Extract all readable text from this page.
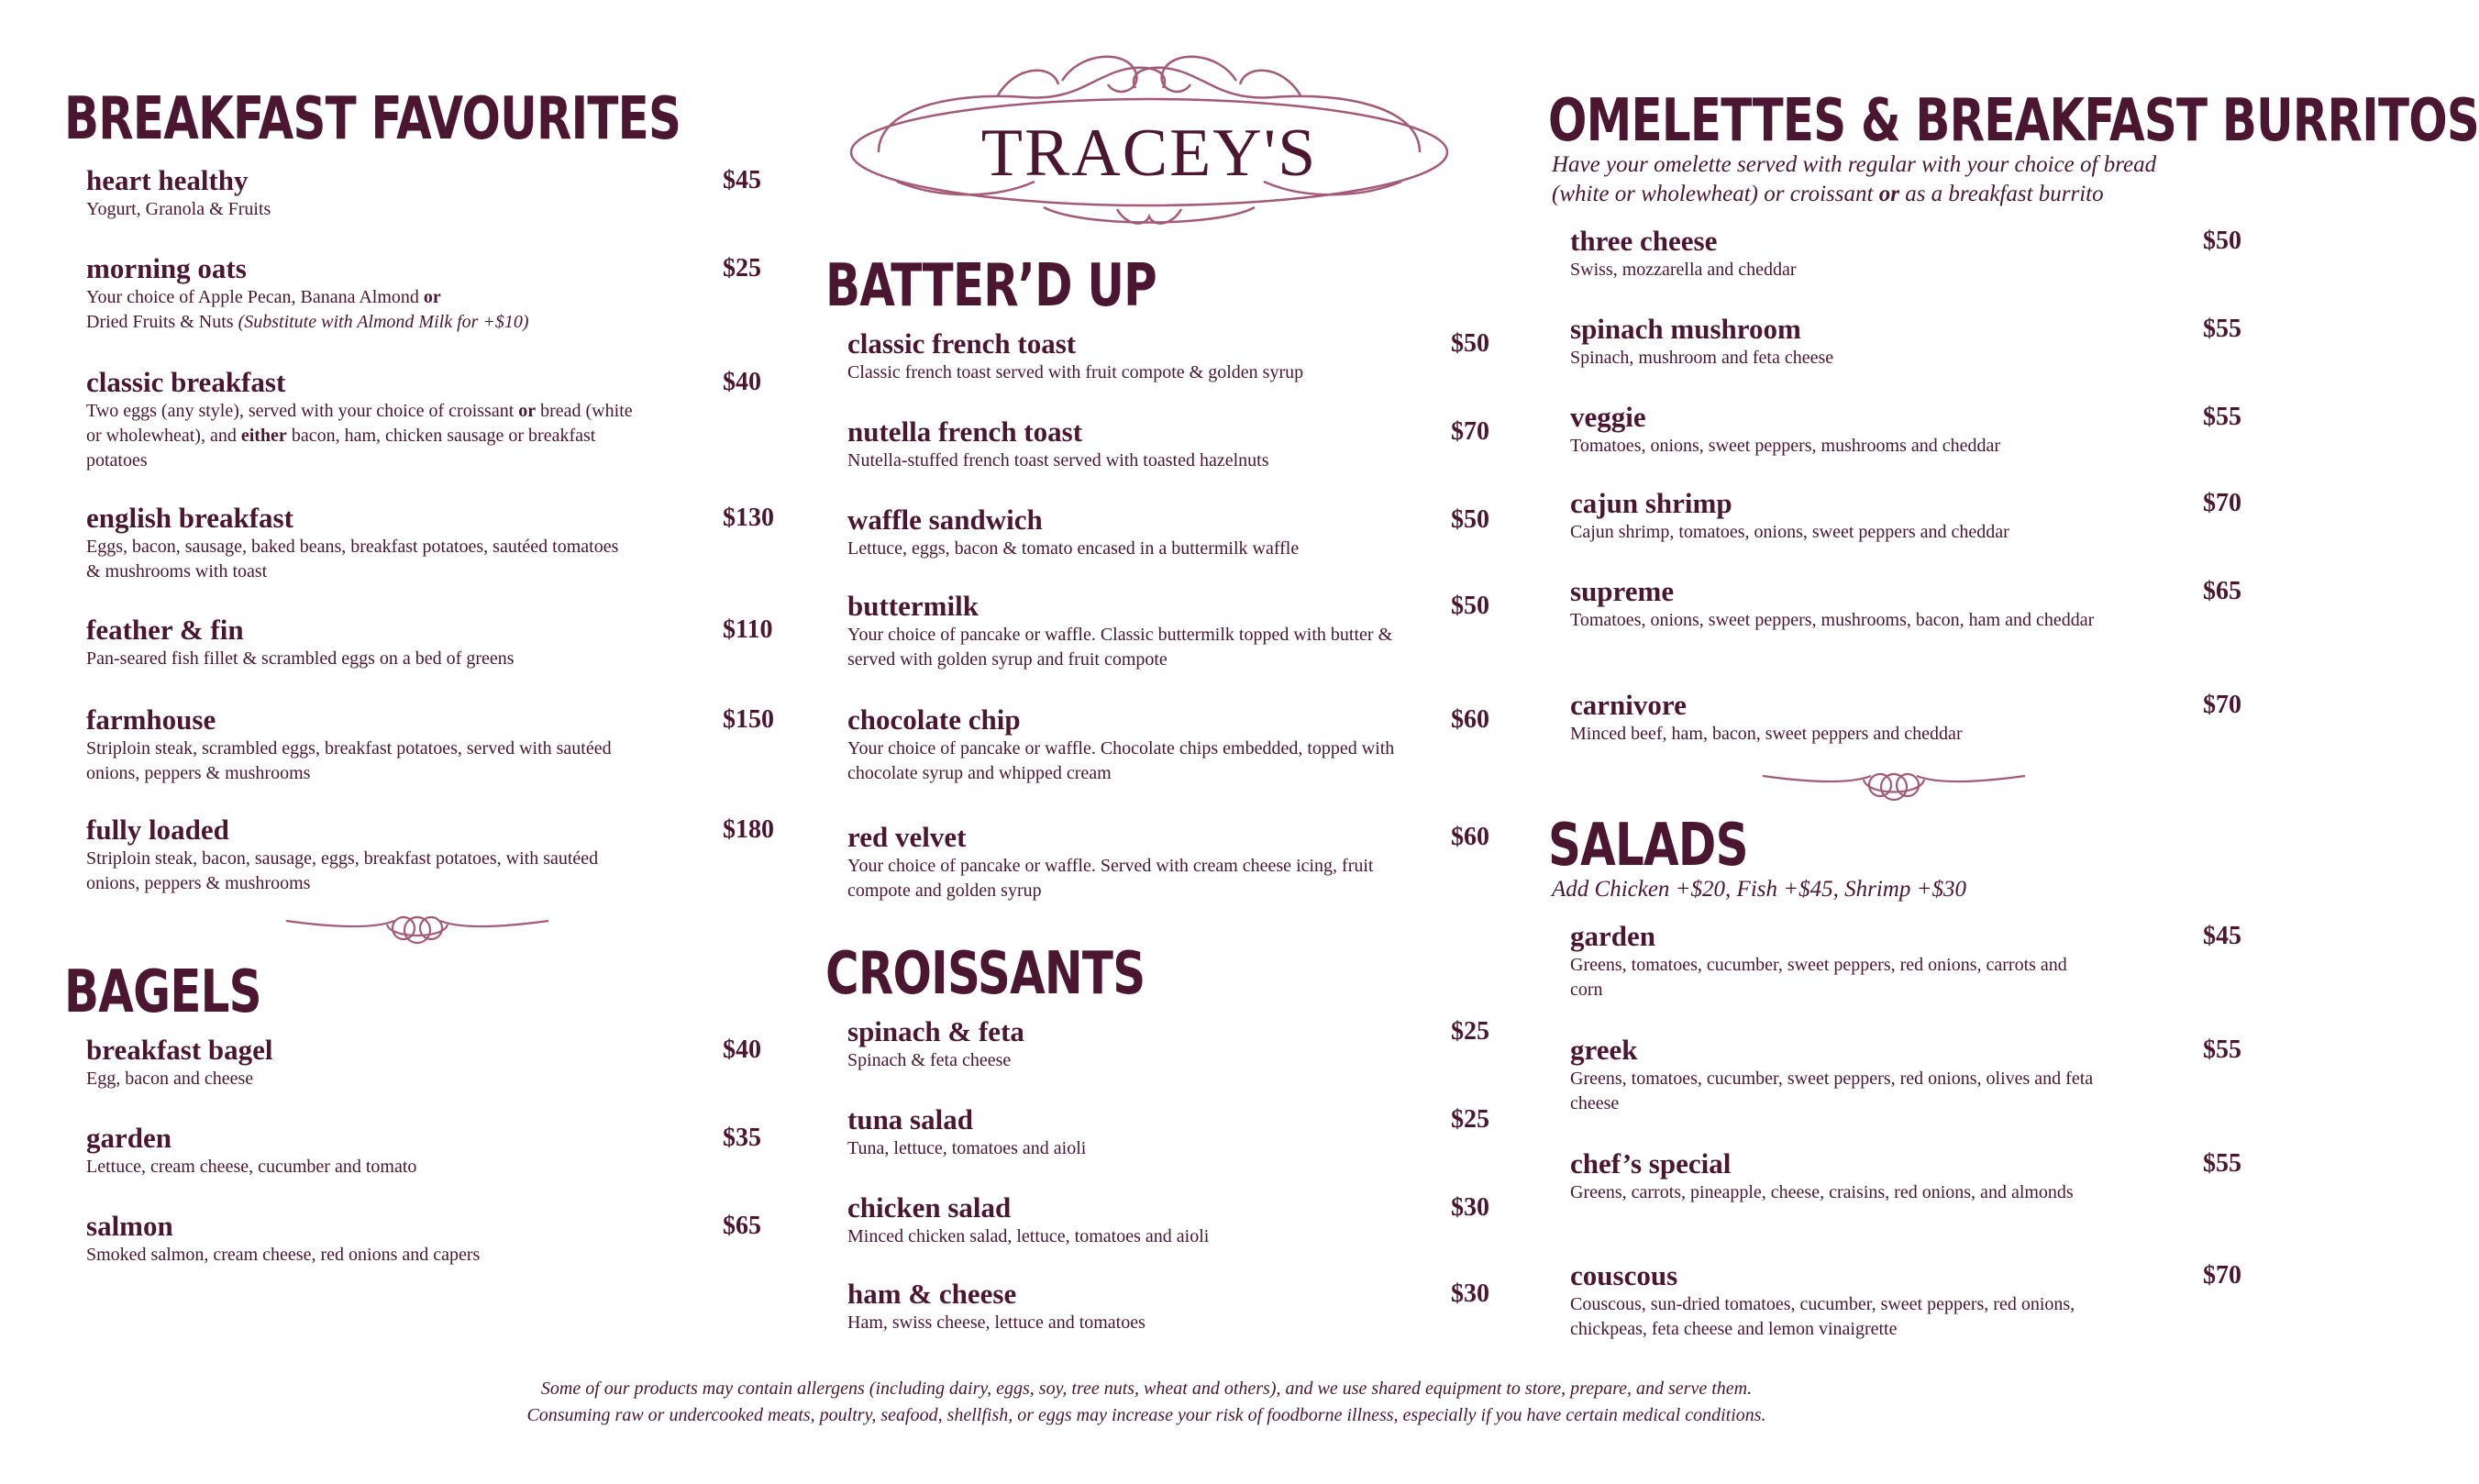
TRACEY'S
BREAKFAST FAVOURITES
heart healthy	$45
Yogurt, Granola & Fruits
morning oats	$25
Your choice of Apple Pecan, Banana Almond or
Dried Fruits & Nuts (Substitute with Almond Milk for +$10)
classic breakfast	$40
Two eggs (any style), served with your choice of croissant or bread (white or wholewheat), and either bacon, ham, chicken sausage or breakfast potatoes
english breakfast	$130
Eggs, bacon, sausage, baked beans, breakfast potatoes, sautéed tomatoes & mushrooms with toast
feather & fin	$110
Pan-seared fish fillet & scrambled eggs on a bed of greens
farmhouse	$150
Striploin steak, scrambled eggs, breakfast potatoes, served with sautéed onions, peppers & mushrooms
fully loaded	$180
Striploin steak, bacon, sausage, eggs, breakfast potatoes, with sautéed onions, peppers & mushrooms
BAGELS
breakfast bagel	$40
Egg, bacon and cheese
garden	$35
Lettuce, cream cheese, cucumber and tomato
salmon	$65
Smoked salmon, cream cheese, red onions and capers
BATTER’D UP
classic french toast	$50
Classic french toast served with fruit compote & golden syrup
nutella french toast	$70
Nutella-stuffed french toast served with toasted hazelnuts
waffle sandwich	$50
Lettuce, eggs, bacon & tomato encased in a buttermilk waffle
buttermilk	$50
Your choice of pancake or waffle. Classic buttermilk topped with butter & served with golden syrup and fruit compote
chocolate chip	$60
Your choice of pancake or waffle. Chocolate chips embedded, topped with chocolate syrup and whipped cream
red velvet	$60
Your choice of pancake or waffle. Served with cream cheese icing, fruit compote and golden syrup
CROISSANTS
spinach & feta	$25
Spinach & feta cheese
tuna salad	$25
Tuna, lettuce, tomatoes and aioli
chicken salad	$30
Minced chicken salad, lettuce, tomatoes and aioli
ham & cheese	$30
Ham, swiss cheese, lettuce and tomatoes
OMELETTES & BREAKFAST BURRITOS

Have your omelette served with regular with your choice of bread
(white or wholewheat) or croissant or as a breakfast burrito

three cheese	$50
Swiss, mozzarella and cheddar
spinach mushroom	$55
Spinach, mushroom and feta cheese
veggie	$55
Tomatoes, onions, sweet peppers, mushrooms and cheddar
cajun shrimp	$70
Cajun shrimp, tomatoes, onions, sweet peppers and cheddar
supreme	$65
Tomatoes, onions, sweet peppers, mushrooms, bacon, ham and cheddar
carnivore	$70
Minced beef, ham, bacon, sweet peppers and cheddar
SALADS

Add Chicken +$20, Fish +$45, Shrimp +$30

garden	$45
Greens, tomatoes, cucumber, sweet peppers, red onions, carrots and corn
greek	$55
Greens, tomatoes, cucumber, sweet peppers, red onions, olives and feta cheese
chef’s special	$55
Greens, carrots, pineapple, cheese, craisins, red onions, and almonds
couscous	$70
Couscous, sun-dried tomatoes, cucumber, sweet peppers, red onions, chickpeas, feta cheese and lemon vinaigrette
Some of our products may contain allergens (including dairy, eggs, soy, tree nuts, wheat and others), and we use shared equipment to store, prepare, and serve them.
Consuming raw or undercooked meats, poultry, seafood, shellfish, or eggs may increase your risk of foodborne illness, especially if you have certain medical conditions.
